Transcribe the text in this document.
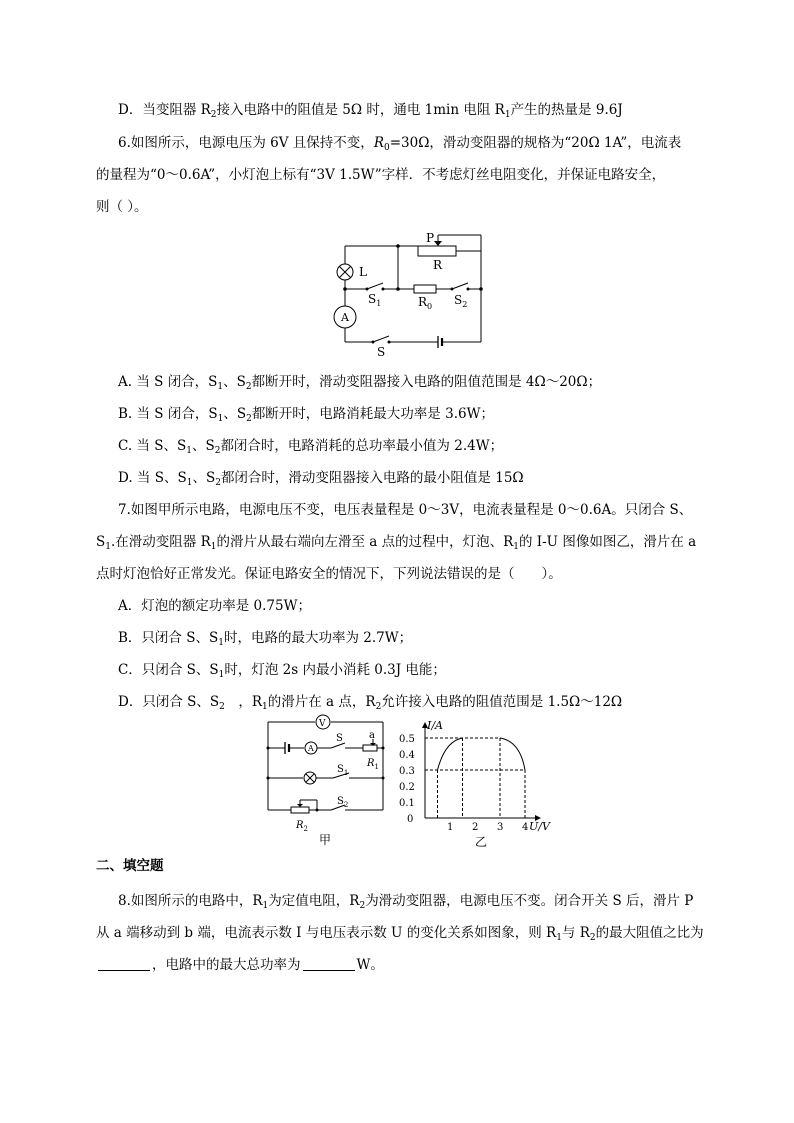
D．当变阻器 $R_2$接入电路中的阻值是 5Ω 时，通电 1min 电阻 $R_1$产生的热量是 9.6J
6.如图所示，电源电压为 6V 且保持不变，$R_0=30\Omega$，滑动变阻器的规格为“20Ω 1A”，电流表
的量程为“0～0.6A”，小灯泡上标有“3V 1.5W”字样．不考虑灯丝电阻变化，并保证电路安全，
则（ ）。
P
R
L
$S_1$	$R_0$ $S_2$
A
S
A. 当 S 闭合，$S_1$、$S_2$都断开时，滑动变阻器接入电路的阻值范围是 4Ω～20Ω；
B. 当 S 闭合，$S_1$、$S_2$都断开时，电路消耗最大功率是 3.6W；
C. 当 S、$S_1$、$S_2$都闭合时，电路消耗的总功率最小值为 2.4W；
D. 当 S、$S_1$、$S_2$都闭合时，滑动变阻器接入电路的最小阻值是 15Ω
7.如图甲所示电路，电源电压不变，电压表量程是 0～3V，电流表量程是 0～0.6A。只闭合 S、
$S_1$.在滑动变阻器 $R_1$的滑片从最右端向左滑至 a 点的过程中，灯泡、$R_1$的 I-U 图像如图乙，滑片在 a
点时灯泡恰好正常发光。保证电路安全的情况下，下列说法错误的是（　　）。
A．灯泡的额定功率是 0.75W；
B．只闭合 S、$S_1$时，电路的最大功率为 2.7W；
C．只闭合 S、$S_1$时，灯泡 2s 内最小消耗 0.3J 电能；
D．只闭合 S、$S_2$　，$R_1$的滑片在 a 点，$R_2$允许接入电路的阻值范围是 1.5Ω～12Ω
V
A
S	a
$R_1$
$S_1$
$S_2$
$R_2$
甲
1 2 3 4
0
0.1
0.2
0.3
0.4
0.5
I/A
U/V
乙
二、填空题
8.如图所示的电路中，$R_1$为定值电阻，$R_2$为滑动变阻器，电源电压不变。闭合开关 S 后，滑片 P
从 a 端移动到 b 端，电流表示数 I 与电压表示数 U 的变化关系如图象，则 $R_1$与 $R_2$的最大阻值之比为
，电路中的最大总功率为	W。
